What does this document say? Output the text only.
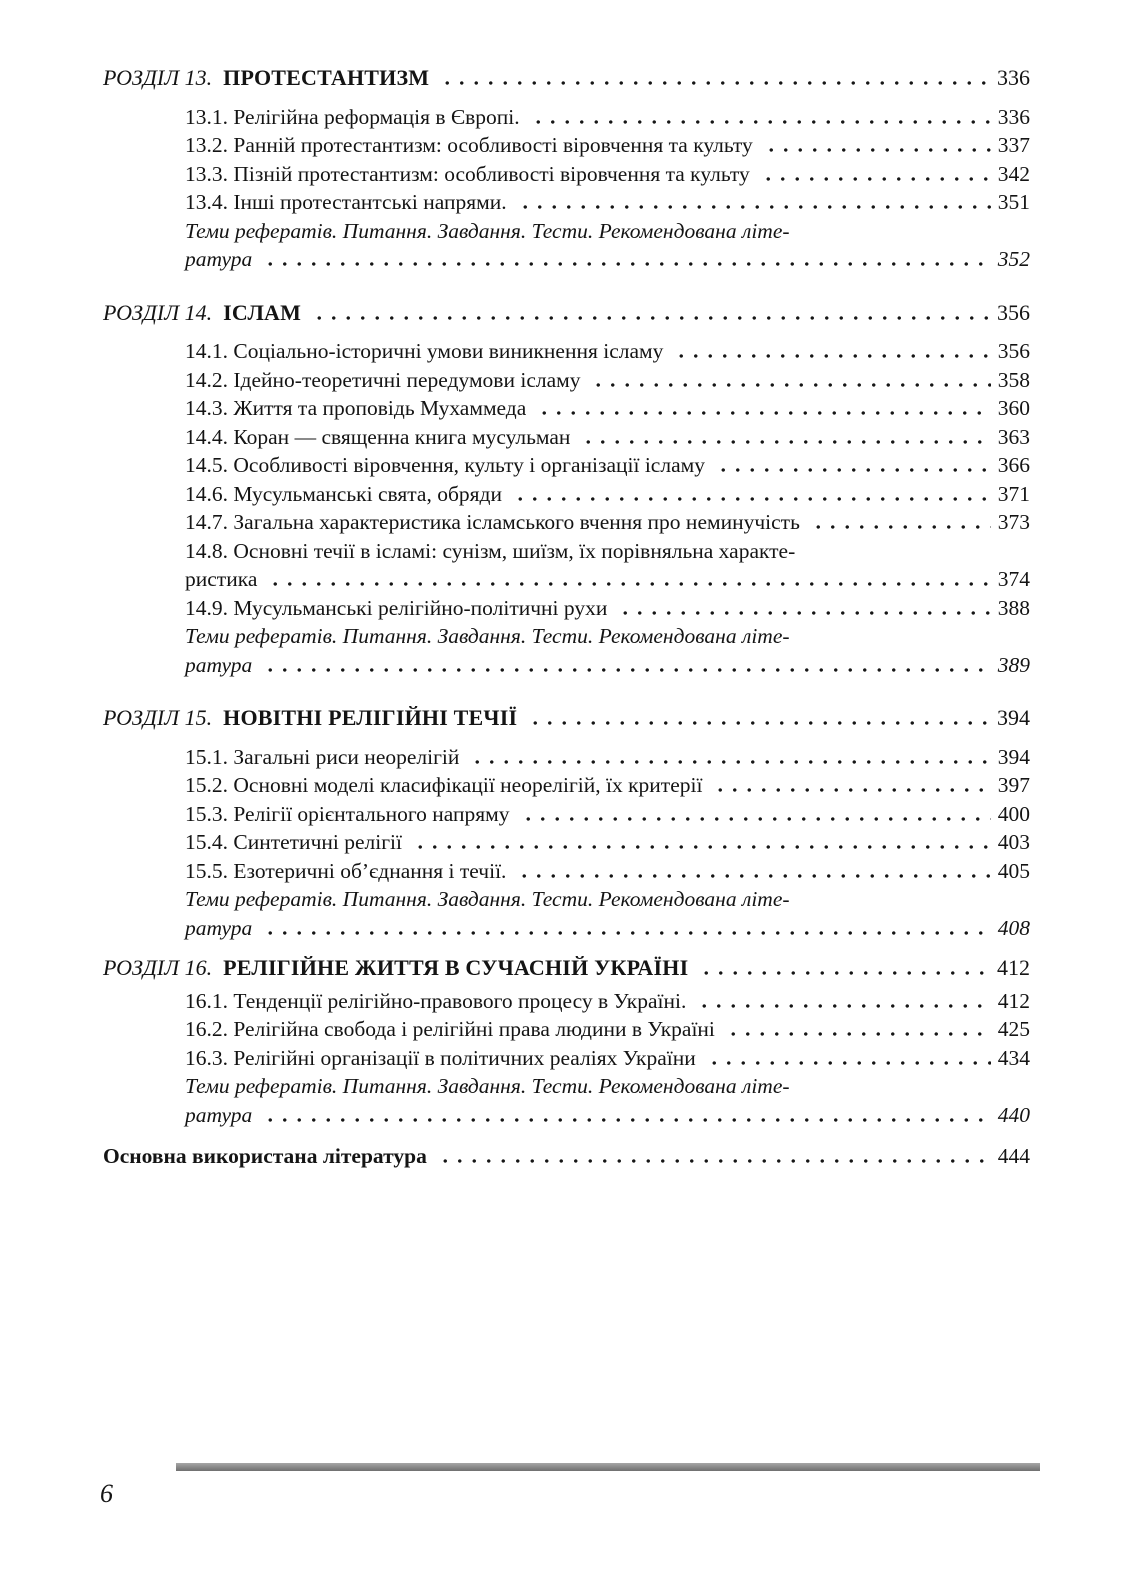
РОЗДІЛ 13. ПРОТЕСТАНТИЗМ	336
13.1. Релігійна реформація в Європі.	336
13.2. Ранній протестантизм: особливості віровчення та культу	337
13.3. Пізній протестантизм: особливості віровчення та культу	342
13.4. Інші протестантські напрями.	351
Теми рефератів. Питання. Завдання. Тести. Рекомендована літе-
ратура	352
РОЗДІЛ 14. ІСЛАМ	356
14.1. Соціально-історичні умови виникнення ісламу	356
14.2. Ідейно-теоретичні передумови ісламу	358
14.3. Життя та проповідь Мухаммеда	360
14.4. Коран — священна книга мусульман	363
14.5. Особливості віровчення, культу і організації ісламу	366
14.6. Мусульманські свята, обряди	371
14.7. Загальна характеристика ісламського вчення про неминучість	373
14.8. Основні течії в ісламі: сунізм, шиїзм, їх порівняльна характе-
ристика	374
14.9. Мусульманські релігійно-політичні рухи	388
Теми рефератів. Питання. Завдання. Тести. Рекомендована літе-
ратура	389
РОЗДІЛ 15. НОВІТНІ РЕЛІГІЙНІ ТЕЧІЇ	394
15.1. Загальні риси неорелігій	394
15.2. Основні моделі класифікації неорелігій, їх критерії	397
15.3. Релігії орієнтального напряму	400
15.4. Синтетичні релігії	403
15.5. Езотеричні об’єднання і течії.	405
Теми рефератів. Питання. Завдання. Тести. Рекомендована літе-
ратура	408
РОЗДІЛ 16. РЕЛІГІЙНЕ ЖИТТЯ В СУЧАСНІЙ УКРАЇНІ	412
16.1. Тенденції релігійно-правового процесу в Україні.	412
16.2. Релігійна свобода і релігійні права людини в Україні	425
16.3. Релігійні організації в політичних реаліях України	434
Теми рефератів. Питання. Завдання. Тести. Рекомендована літе-
ратура	440
Основна використана література	444
6
